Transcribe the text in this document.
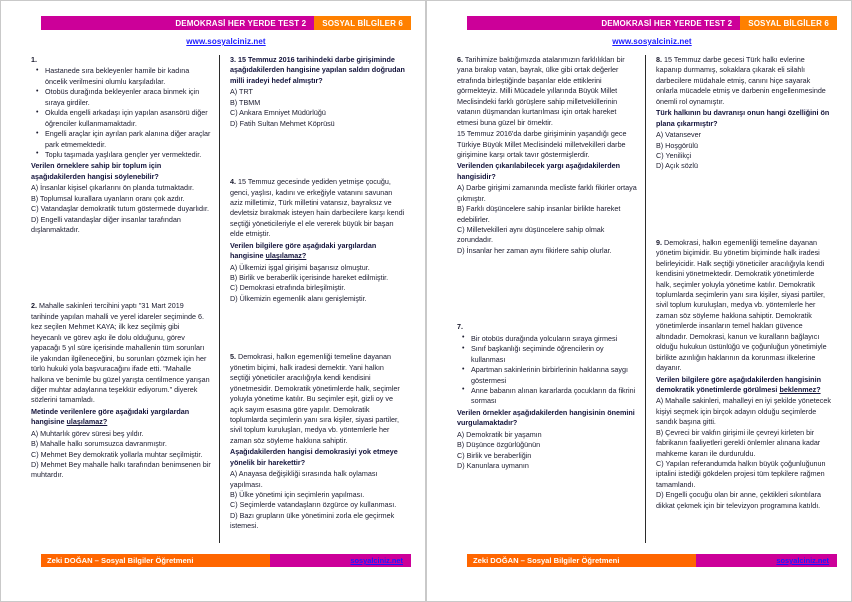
DEMOKRASİ HER YERDE TEST 2	SOSYAL BİLGİLER 6
www.sosyalciniz.net
1.
• Hastanede sıra bekleyenler hamile bir kadına öncelik verilmesini olumlu karşıladılar.
• Otobüs durağında bekleyenler araca binmek için sıraya girdiler.
• Okulda engelli arkadaşı için yapılan asansörü diğer öğrenciler kullanmamaktadır.
• Engelli araçlar için ayrılan park alanına diğer araçlar park etmemektedir.
• Toplu taşımada yaşlılara gençler yer vermektedir.
Verilen örneklere sahip bir toplum için aşağıdakilerden hangisi söylenebilir?
A) İnsanlar kişisel çıkarlarını ön planda tutmaktadır.
B) Toplumsal kurallara uyanların oranı çok azdır.
C) Vatandaşlar demokratik tutum göstermede duyarlıdır.
D) Engelli vatandaşlar diğer insanlar tarafından dışlanmaktadır.
2. Mahalle sakinleri tercihini yaptı "31 Mart 2019 tarihinde yapılan mahalli ve yerel idareler seçiminde 6. kez seçilen Mehmet KAYA; ilk kez seçilmiş gibi heyecanlı ve görev aşkı ile dolu olduğunu, görev yapacağı 5 yıl süre içerisinde mahallenin tüm sorunları ile yakından ilgileneceğini, bu sorunları çözmek için her türlü hukuki yola başvuracağını ifade etti. "Mahalle halkına ve benimle bu güzel yarışta centilmence yarışan diğer muhtar adaylarına teşekkür ediyorum." diyerek sözlerini tamamladı.
Metinde verilenlere göre aşağıdaki yargılardan hangisine ulaşılamaz?
A) Muhtarlık görev süresi beş yıldır.
B) Mahalle halkı sorumsuzca davranmıştır.
C) Mehmet Bey demokratik yollarla muhtar seçilmiştir.
D) Mehmet Bey mahalle halkı tarafından benimsenen bir muhtardır.
3. 15 Temmuz 2016 tarihindeki darbe girişiminde aşağıdakilerden hangisine yapılan saldırı doğrudan milli iradeyi hedef almıştır?
A) TRT
B) TBMM
C) Ankara Emniyet Müdürlüğü
D) Fatih Sultan Mehmet Köprüsü
4. 15 Temmuz gecesinde yediden yetmişe çocuğu, genci, yaşlısı, kadını ve erkeğiyle vatanını savunan aziz milletimiz, Türk milletini vatansız, bayraksız ve devletsiz bırakmak isteyen hain darbecilere karşı kendi seçtiği yöneticileriyle el ele vererek büyük bir başarı elde etmiştir.
Verilen bilgilere göre aşağıdaki yargılardan hangisine ulaşılamaz?
A) Ülkemizi işgal girişimi başarısız olmuştur.
B) Birlik ve beraberlik içerisinde hareket edilmiştir.
C) Demokrasi etrafında birleşilmiştir.
D) Ülkemizin egemenlik alanı genişlemiştir.
5. Demokrasi, halkın egemenliği temeline dayanan yönetim biçimi, halk iradesi demektir. Yani halkın seçtiği yöneticiler aracılığıyla kendi kendisini yönetmesidir. Demokratik yönetimlerde halk, seçimler yoluyla yönetime katılır. Bu seçimler eşit, gizli oy ve açık sayım esasına göre yapılır. Demokratik toplumlarda seçimlerin yanı sıra kişiler, siyasi partiler, sivil toplum kuruluşları, medya vb. yöntemlerle her zaman söz söyleme hakkına sahiptir.
Aşağıdakilerden hangisi demokrasiyi yok etmeye yönelik bir harekettir?
A) Anayasa değişikliği sırasında halk oylaması yapılması.
B) Ülke yönetimi için seçimlerin yapılması.
C) Seçimlerde vatandaşların özgürce oy kullanması.
D) Bazı grupların ülke yönetimini zorla ele geçirmek istemesi.
Zeki DOĞAN – Sosyal Bilgiler Öğretmeni	sosyalciniz.net
DEMOKRASİ HER YERDE TEST 2	SOSYAL BİLGİLER 6
www.sosyalciniz.net
6. Tarihimize baktığımızda atalarımızın farklılıkları bir yana bırakıp vatan, bayrak, ülke gibi ortak değerler etrafında birleştiğinde başarılar elde ettiklerini görmekteyiz. Milli Mücadele yıllarında Büyük Millet Meclisindeki farklı görüşlere sahip milletvekillerinin vatanın düşmandan kurtarılması için ortak hareket etmesi buna güzel bir örnektir.
15 Temmuz 2016'da darbe girişiminin yaşandığı gece Türkiye Büyük Millet Meclisindeki milletvekilleri darbe girişimine karşı ortak tavır göstermişlerdir.
Verilenden çıkarılabilecek yargı aşağıdakilerden hangisidir?
A) Darbe girişimi zamanında mecliste farklı fikirler ortaya çıkmıştır.
B) Farklı düşüncelere sahip insanlar birlikte hareket edebilirler.
C) Milletvekilleri aynı düşüncelere sahip olmak zorundadır.
D) İnsanlar her zaman aynı fikirlere sahip olurlar.
7.
• Bir otobüs durağında yolcuların sıraya girmesi
• Sınıf başkanlığı seçiminde öğrencilerin oy kullanması
• Apartman sakinlerinin birbirlerinin haklarına saygı göstermesi
• Anne babanın alınan kararlarda çocukların da fikrini sorması
Verilen örnekler aşağıdakilerden hangisinin önemini vurgulamaktadır?
A) Demokratik bir yaşamın
B) Düşünce özgürlüğünün
C) Birlik ve beraberliğin
D) Kanunlara uymanın
8. 15 Temmuz darbe gecesi Türk halkı evlerine kapanıp durmamış, sokaklara çıkarak eli silahlı darbecilere müdahale etmiş, canını hiçe sayarak onlarla mücadele etmiş ve darbenin engellenmesinde önemli rol oynamıştır.
Türk halkının bu davranışı onun hangi özelliğini ön plana çıkarmıştır?
A) Vatansever
B) Hoşgörülü
C) Yenilikçi
D) Açık sözlü
9. Demokrasi, halkın egemenliği temeline dayanan yönetim biçimidir. Bu yönetim biçiminde halk iradesi belirleyicidir. Halk seçtiği yöneticiler aracılığıyla kendi kendisini yönetmektedir. Demokratik yönetimlerde halk, seçimler yoluyla yönetime katılır. Demokratik toplumlarda seçimlerin yanı sıra kişiler, siyasi partiler, sivil toplum kuruluşları, medya vb. yöntemlerle her zaman söz söyleme hakkına sahiptir. Demokratik yönetimlerde insanların temel hakları güvence altındadır. Demokrasi, kanun ve kuralların bağlayıcı olduğu hukukun üstünlüğü ve çoğunluğun yönetimiyle birlikte azınlığın haklarının da korunması ilkelerine dayanır.
Verilen bilgilere göre aşağıdakilerden hangisinin demokratik yönetimlerde görülmesi beklenmez?
A) Mahalle sakinleri, mahalleyi en iyi şekilde yönetecek kişiyi seçmek için birçok adayın olduğu seçimlerde sandık başına gitti.
B) Çevreci bir vakfın girişimi ile çevreyi kirleten bir fabrikanın faaliyetleri gerekli önlemler alınana kadar mahkeme kararı ile durduruldu.
C) Yapılan referandumda halkın büyük çoğunluğunun iptalini istediği gökdelen projesi tüm tepkilere rağmen tamamlandı.
D) Engelli çocuğu olan bir anne, çektikleri sıkıntılara dikkat çekmek için bir televizyon programına katıldı.
Zeki DOĞAN – Sosyal Bilgiler Öğretmeni	sosyalciniz.net
